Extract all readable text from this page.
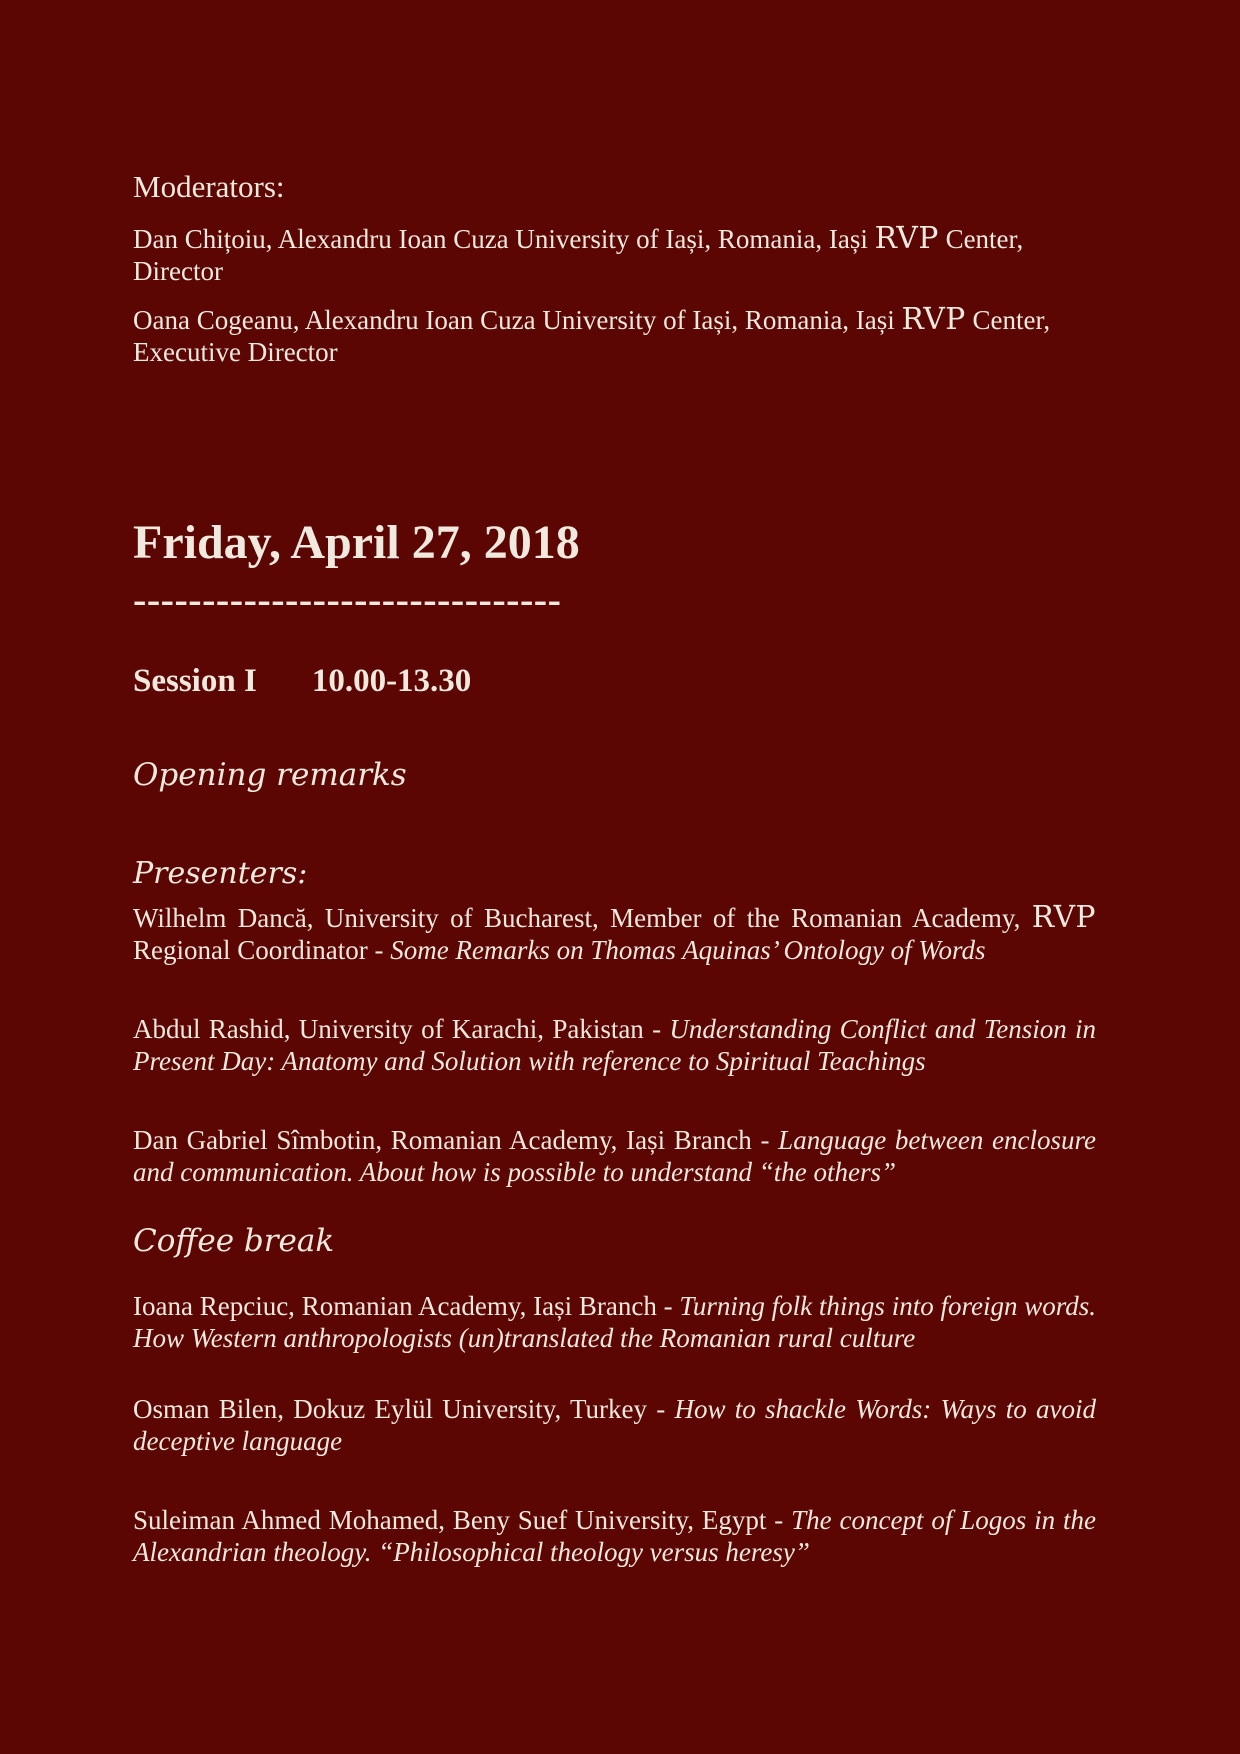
Moderators:

Dan Chițoiu, Alexandru Ioan Cuza University of Iași, Romania, Iași RVP Center, Director

Oana Cogeanu, Alexandru Ioan Cuza University of Iași, Romania, Iași RVP Center, Executive Director

Friday, April 27, 2018

-------------------------------

Session I 10.00-13.30

Opening remarks

Presenters:

Wilhelm Dancă, University of Bucharest, Member of the Romanian Academy, RVP Regional Coordinator - Some Remarks on Thomas Aquinas’ Ontology of Words

Abdul Rashid, University of Karachi, Pakistan - Understanding Conflict and Tension in Present Day: Anatomy and Solution with reference to Spiritual Teachings

Dan Gabriel Sîmbotin, Romanian Academy, Iași Branch - Language between enclosure and communication. About how is possible to understand “the others”

Coffee break

Ioana Repciuc, Romanian Academy, Iași Branch - Turning folk things into foreign words. How Western anthropologists (un)translated the Romanian rural culture

Osman Bilen, Dokuz Eylül University, Turkey - How to shackle Words: Ways to avoid deceptive language

Suleiman Ahmed Mohamed, Beny Suef University, Egypt - The concept of Logos in the Alexandrian theology. “Philosophical theology versus heresy”
